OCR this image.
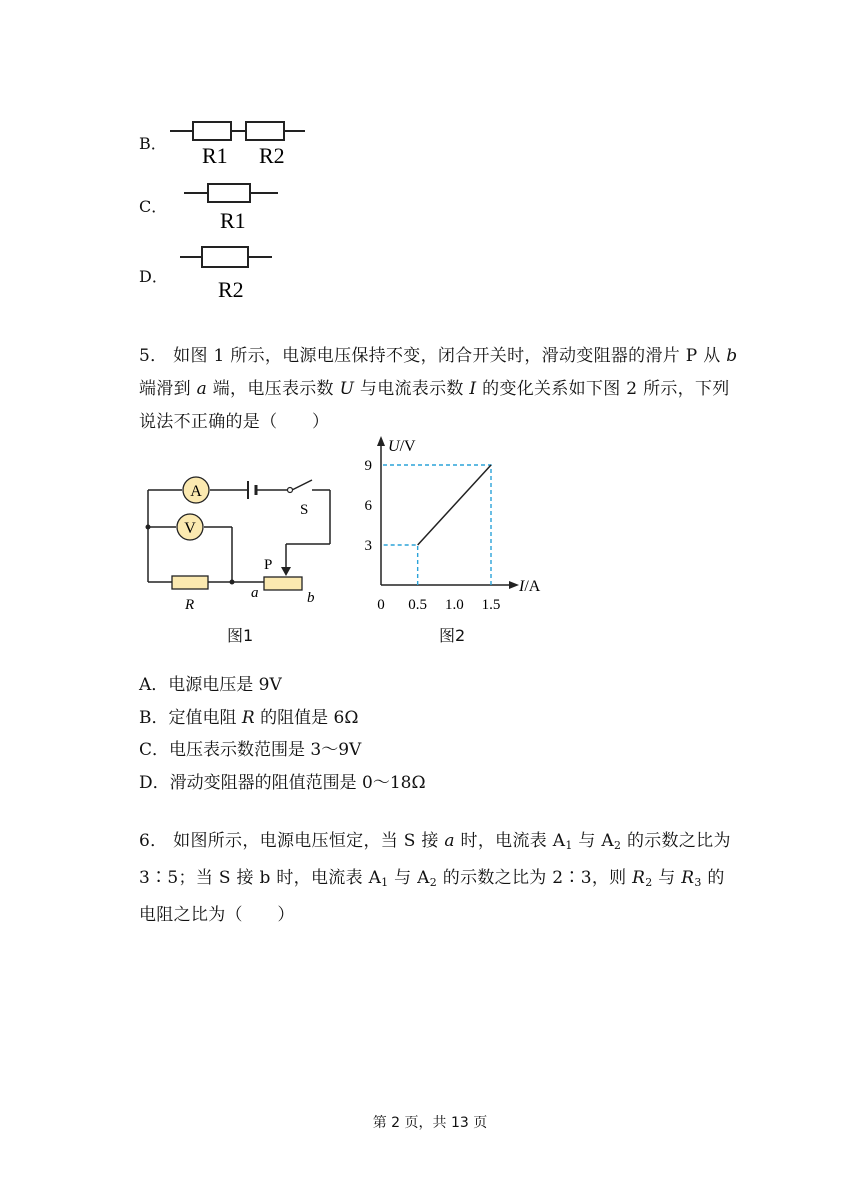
B． R1 R2
C．
R1
D．
R2
5． 如图 1 所示，电源电压保持不变，闭合开关时，滑动变阻器的滑片 P 从 b 端滑到 a 端，电压表示数 U 与电流表示数 I 的变化关系如下图 2 所示，下列说法不正确的是（　　）
A
V
S
P
R
a	b
图1
U/V
I/A
0 0.5 1.0 1.5
3
6
9
图2
A．电源电压是 9V
B．定值电阻 R 的阻值是 6Ω
C．电压表示数范围是 3～9V
D．滑动变阻器的阻值范围是 0～18Ω
6． 如图所示，电源电压恒定，当 S 接 a 时，电流表 $A_1$ 与 $A_2$ 的示数之比为 3∶5；当 S 接 b 时，电流表 $A_1$ 与 $A_2$ 的示数之比为 2∶3，则 $R_2$ 与 $R_3$ 的电阻之比为（　　）
第 2 页，共 13 页
